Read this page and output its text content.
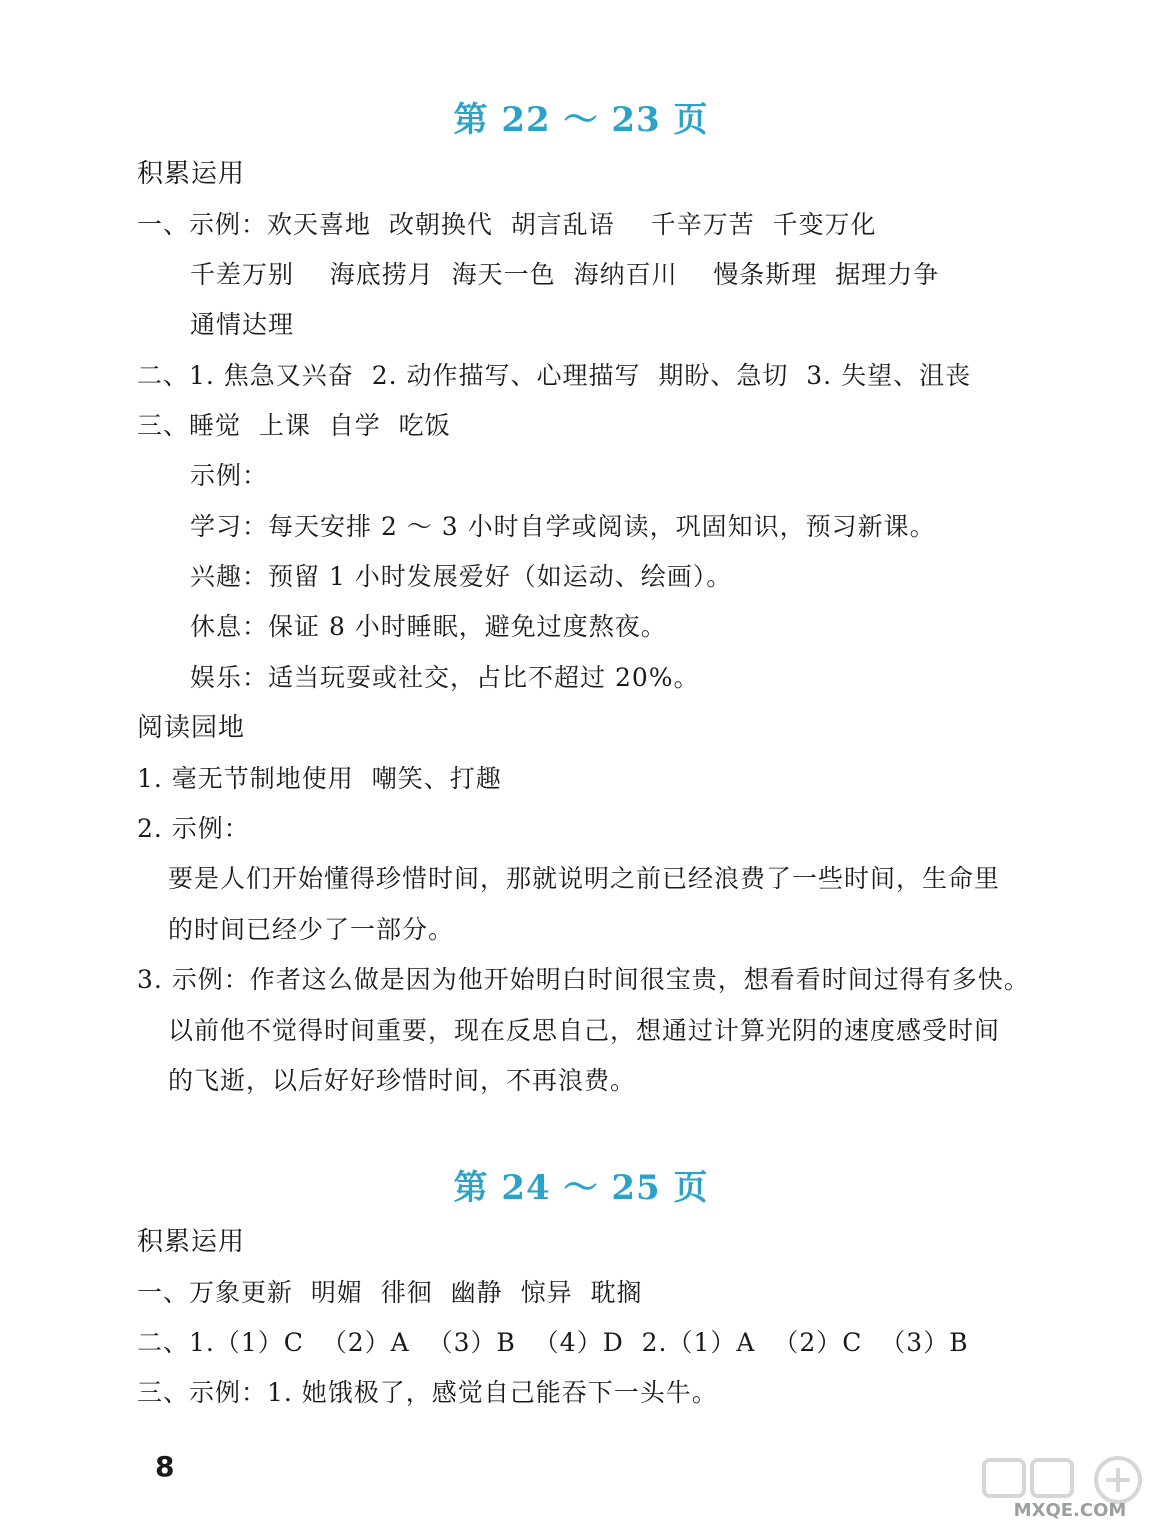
第 22 ～ 23 页
积累运用
一、示例：欢天喜地  改朝换代  胡言乱语    千辛万苦  千变万化
千差万别    海底捞月  海天一色  海纳百川    慢条斯理  据理力争
通情达理
二、1. 焦急又兴奋  2. 动作描写、心理描写  期盼、急切  3. 失望、沮丧
三、睡觉  上课  自学  吃饭
示例：
学习：每天安排 2 ～ 3 小时自学或阅读，巩固知识，预习新课。
兴趣：预留 1 小时发展爱好（如运动、绘画）。
休息：保证 8 小时睡眠，避免过度熬夜。
娱乐：适当玩耍或社交，占比不超过 20%。
阅读园地
1. 毫无节制地使用  嘲笑、打趣
2. 示例：
要是人们开始懂得珍惜时间，那就说明之前已经浪费了一些时间，生命里
的时间已经少了一部分。
3. 示例：作者这么做是因为他开始明白时间很宝贵，想看看时间过得有多快。
以前他不觉得时间重要，现在反思自己，想通过计算光阴的速度感受时间
的飞逝，以后好好珍惜时间，不再浪费。
第 24 ～ 25 页
积累运用
一、万象更新  明媚  徘徊  幽静  惊异  耽搁
二、1.（1）C  （2）A  （3）B  （4）D  2.（1）A  （2）C  （3）B
三、示例：1. 她饿极了，感觉自己能吞下一头牛。
8
MXQE.COM
